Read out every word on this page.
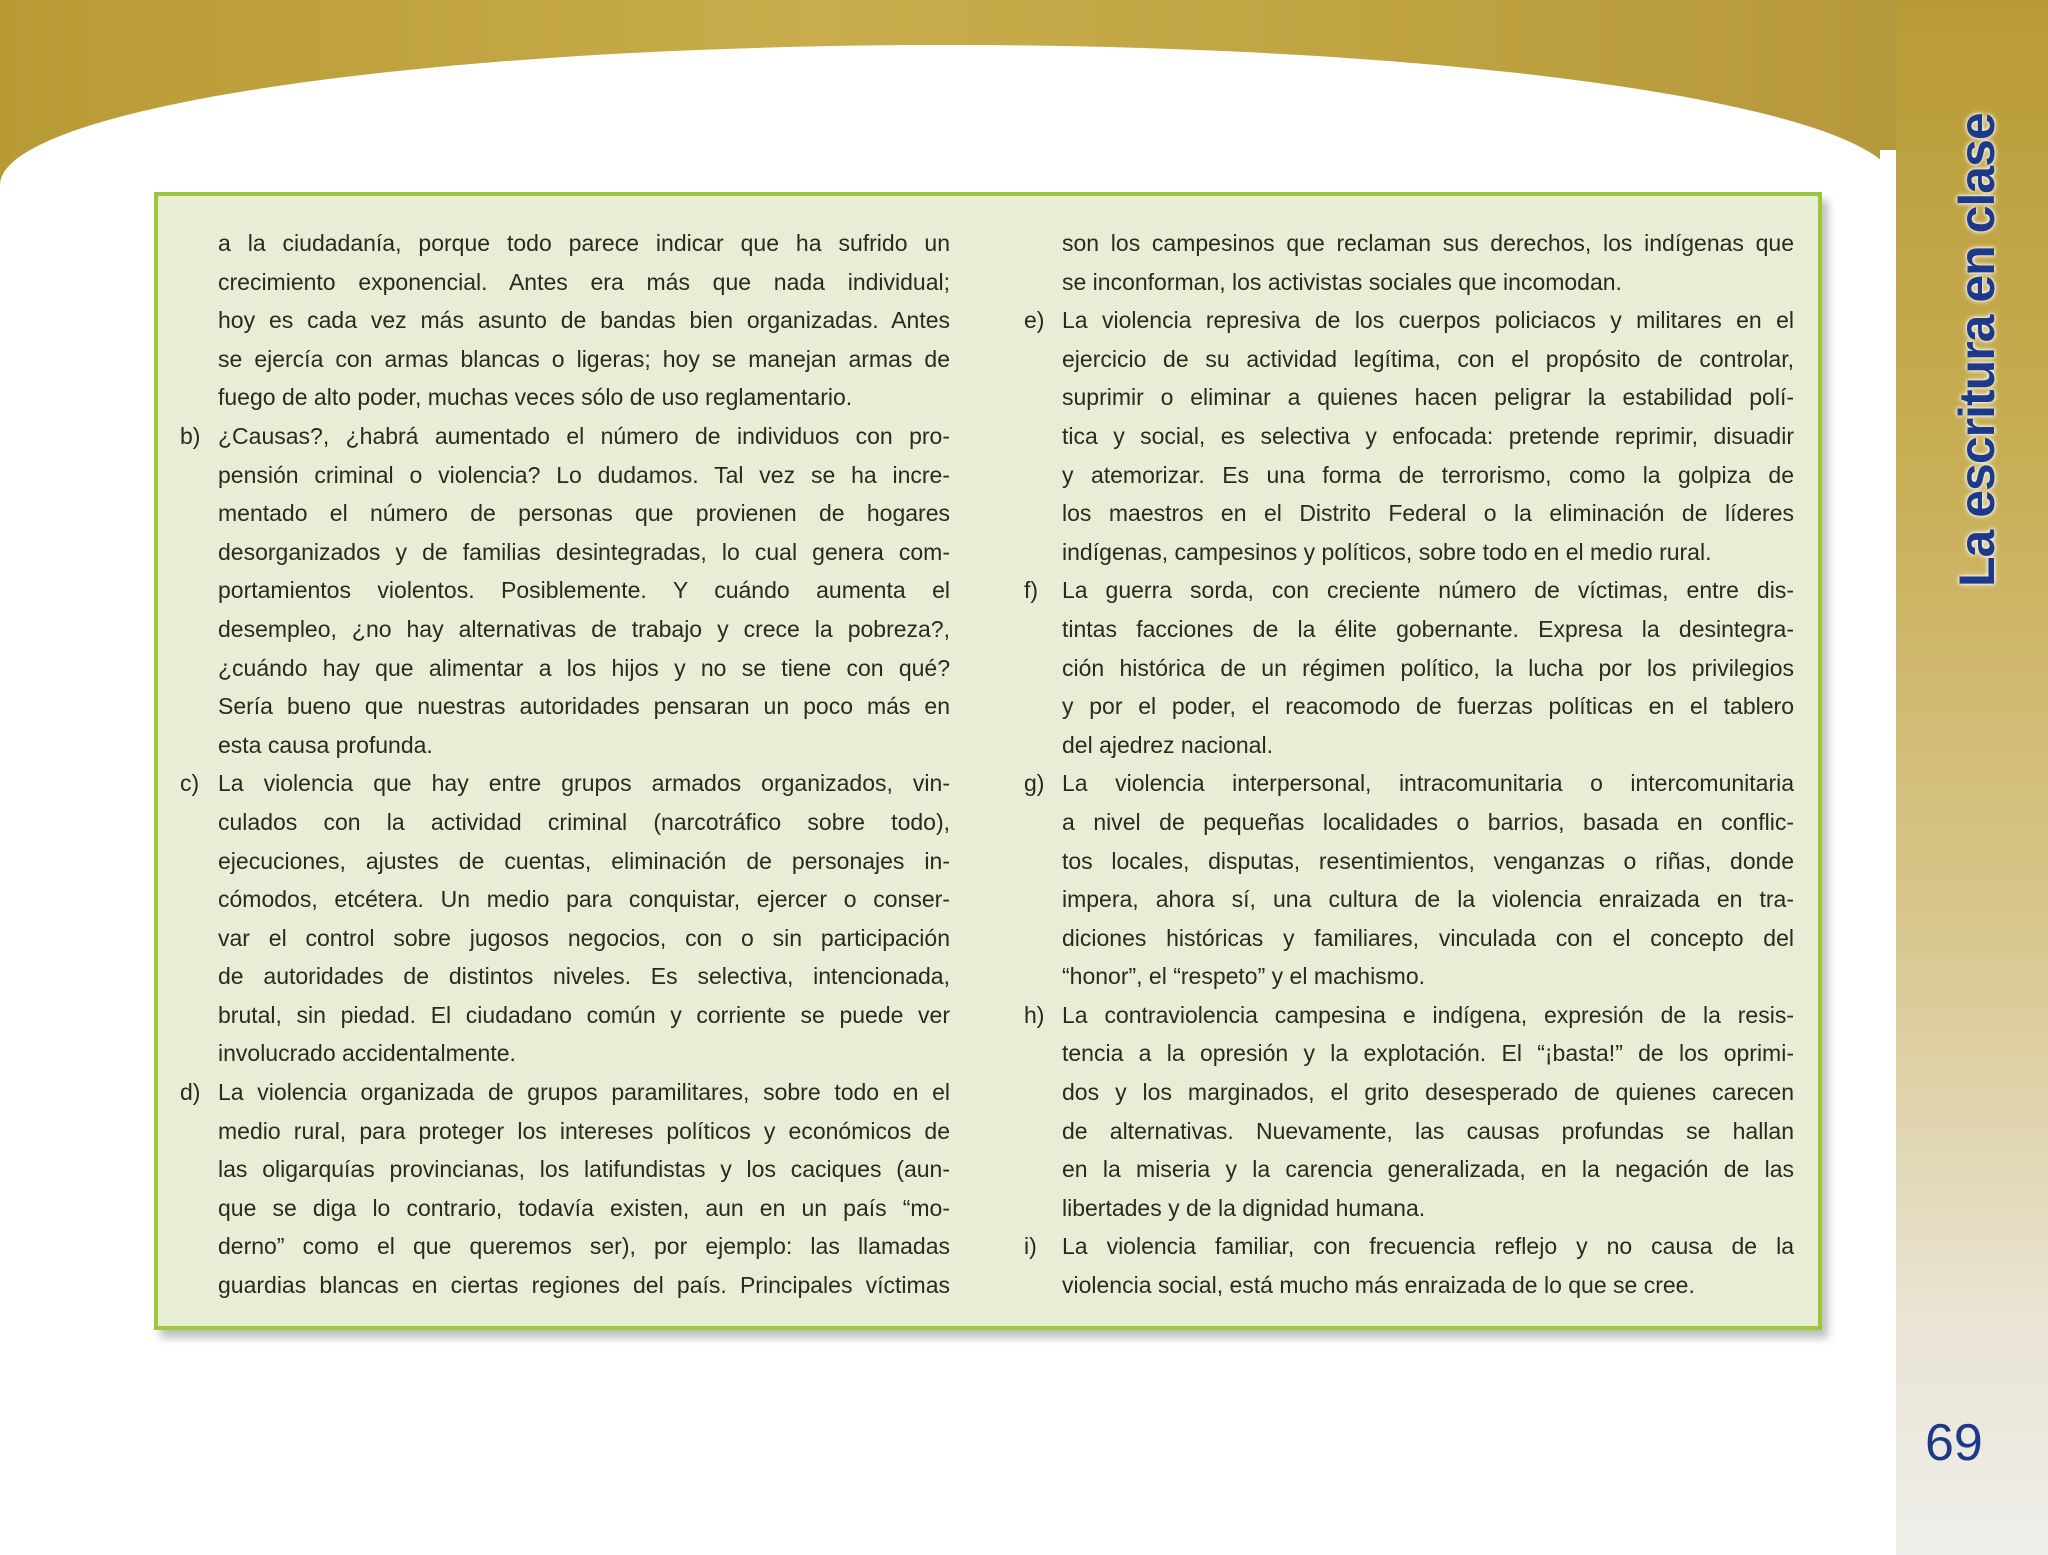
La escritura en clase
69
a la ciudadanía, porque todo parece indicar que ha sufrido un
crecimiento exponencial. Antes era más que nada individual;
hoy es cada vez más asunto de bandas bien organizadas. Antes
se ejercía con armas blancas o ligeras; hoy se manejan armas de
fuego de alto poder, muchas veces sólo de uso reglamentario.
b) ¿Causas?, ¿habrá aumentado el número de individuos con pro-
pensión criminal o violencia? Lo dudamos. Tal vez se ha incre-
mentado el número de personas que provienen de hogares
desorganizados y de familias desintegradas, lo cual genera com-
portamientos violentos. Posiblemente. Y cuándo aumenta el
desempleo, ¿no hay alternativas de trabajo y crece la pobreza?,
¿cuándo hay que alimentar a los hijos y no se tiene con qué?
Sería bueno que nuestras autoridades pensaran un poco más en
esta causa profunda.
c) La violencia que hay entre grupos armados organizados, vin-
culados con la actividad criminal (narcotráfico sobre todo),
ejecuciones, ajustes de cuentas, eliminación de personajes in-
cómodos, etcétera. Un medio para conquistar, ejercer o conser-
var el control sobre jugosos negocios, con o sin participación
de autoridades de distintos niveles. Es selectiva, intencionada,
brutal, sin piedad. El ciudadano común y corriente se puede ver
involucrado accidentalmente.
d) La violencia organizada de grupos paramilitares, sobre todo en el
medio rural, para proteger los intereses políticos y económicos de
las oligarquías provincianas, los latifundistas y los caciques (aun-
que se diga lo contrario, todavía existen, aun en un país “mo-
derno” como el que queremos ser), por ejemplo: las llamadas
guardias blancas en ciertas regiones del país. Principales víctimas
son los campesinos que reclaman sus derechos, los indígenas que
se inconforman, los activistas sociales que incomodan.
e) La violencia represiva de los cuerpos policiacos y militares en el
ejercicio de su actividad legítima, con el propósito de controlar,
suprimir o eliminar a quienes hacen peligrar la estabilidad polí-
tica y social, es selectiva y enfocada: pretende reprimir, disuadir
y atemorizar. Es una forma de terrorismo, como la golpiza de
los maestros en el Distrito Federal o la eliminación de líderes
indígenas, campesinos y políticos, sobre todo en el medio rural.
f) La guerra sorda, con creciente número de víctimas, entre dis-
tintas facciones de la élite gobernante. Expresa la desintegra-
ción histórica de un régimen político, la lucha por los privilegios
y por el poder, el reacomodo de fuerzas políticas en el tablero
del ajedrez nacional.
g) La violencia interpersonal, intracomunitaria o intercomunitaria
a nivel de pequeñas localidades o barrios, basada en conflic-
tos locales, disputas, resentimientos, venganzas o riñas, donde
impera, ahora sí, una cultura de la violencia enraizada en tra-
diciones históricas y familiares, vinculada con el concepto del
“honor”, el “respeto” y el machismo.
h) La contraviolencia campesina e indígena, expresión de la resis-
tencia a la opresión y la explotación. El “¡basta!” de los oprimi-
dos y los marginados, el grito desesperado de quienes carecen
de alternativas. Nuevamente, las causas profundas se hallan
en la miseria y la carencia generalizada, en la negación de las
libertades y de la dignidad humana.
i) La violencia familiar, con frecuencia reflejo y no causa de la
violencia social, está mucho más enraizada de lo que se cree.
